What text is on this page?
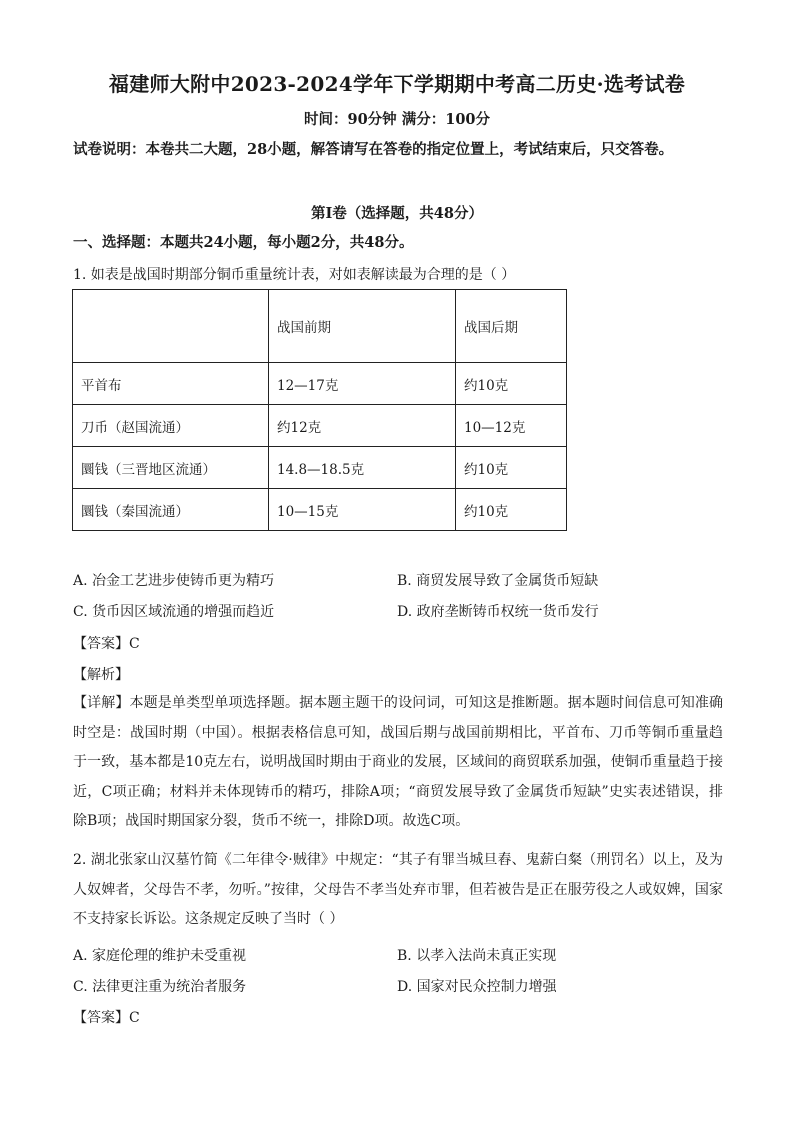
福建师大附中2023-2024学年下学期期中考高二历史·选考试卷
时间：90分钟 满分：100分
试卷说明：本卷共二大题，28小题，解答请写在答卷的指定位置上，考试结束后，只交答卷。
第Ⅰ卷（选择题，共48分）
一、选择题：本题共24小题，每小题2分，共48分。
1. 如表是战国时期部分铜币重量统计表，对如表解读最为合理的是（ ）
	战国前期	战国后期
平首布	12—17克	约10克
刀币（赵国流通）	约12克	10—12克
圜钱（三晋地区流通）	14.8—18.5克	约10克
圜钱（秦国流通）	10—15克	约10克
A. 冶金工艺进步使铸币更为精巧	B. 商贸发展导致了金属货币短缺
C. 货币因区域流通的增强而趋近	D. 政府垄断铸币权统一货币发行
【答案】C
【解析】
【详解】本题是单类型单项选择题。据本题主题干的设问词，可知这是推断题。据本题时间信息可知准确时空是：战国时期（中国）。根据表格信息可知，战国后期与战国前期相比，平首布、刀币等铜币重量趋于一致，基本都是10克左右，说明战国时期由于商业的发展，区域间的商贸联系加强，使铜币重量趋于接近，C项正确；材料并未体现铸币的精巧，排除A项；“商贸发展导致了金属货币短缺”史实表述错误，排除B项；战国时期国家分裂，货币不统一，排除D项。故选C项。
2. 湖北张家山汉墓竹简《二年律令·贼律》中规定：“其子有罪当城旦舂、鬼薪白粲（刑罚名）以上，及为人奴婢者，父母告不孝，勿听。”按律，父母告不孝当处弃市罪，但若被告是正在服劳役之人或奴婢，国家不支持家长诉讼。这条规定反映了当时（ ）
A. 家庭伦理的维护未受重视	B. 以孝入法尚未真正实现
C. 法律更注重为统治者服务	D. 国家对民众控制力增强
【答案】C
